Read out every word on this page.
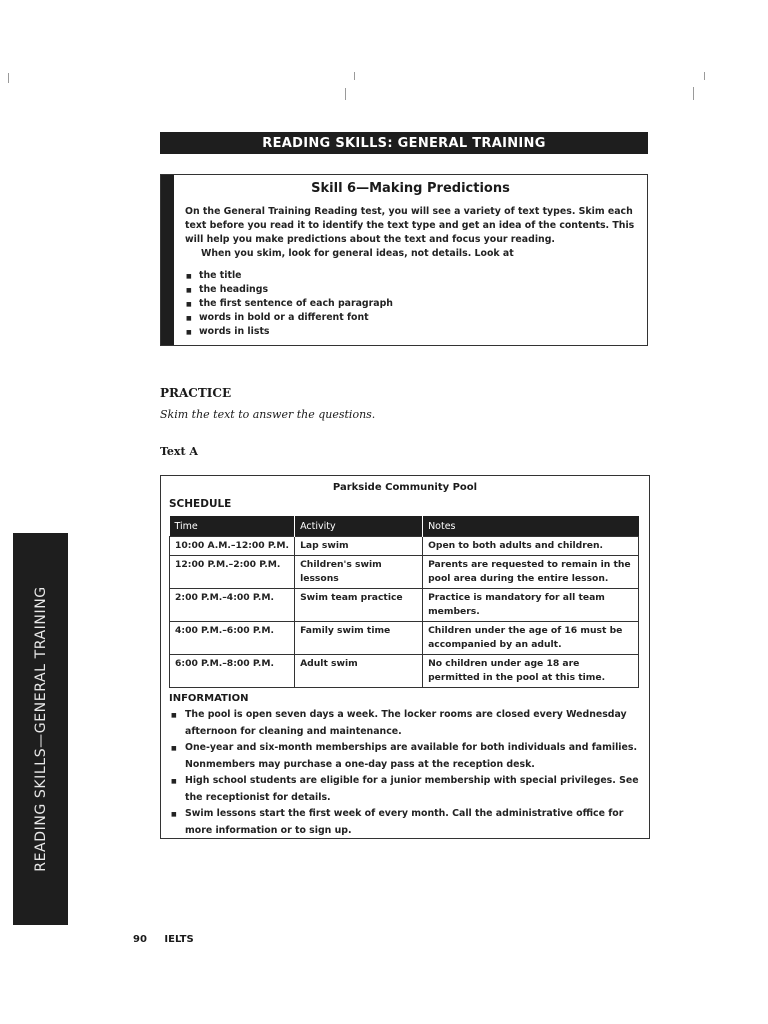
READING SKILLS: GENERAL TRAINING
Skill 6—Making Predictions
On the General Training Reading test, you will see a variety of text types. Skim each text before you read it to identify the text type and get an idea of the contents. This will help you make predictions about the text and focus your reading.
When you skim, look for general ideas, not details. Look at
■ the title
■ the headings
■ the first sentence of each paragraph
■ words in bold or a different font
■ words in lists
PRACTICE
Skim the text to answer the questions.
Text A
Parkside Community Pool
SCHEDULE
Time	Activity	Notes
10:00 A.M.–12:00 P.M.	Lap swim	Open to both adults and children.
12:00 P.M.–2:00 P.M.	Children's swim lessons	Parents are requested to remain in the pool area during the entire lesson.
2:00 P.M.–4:00 P.M.	Swim team practice	Practice is mandatory for all team members.
4:00 P.M.–6:00 P.M.	Family swim time	Children under the age of 16 must be accompanied by an adult.
6:00 P.M.–8:00 P.M.	Adult swim	No children under age 18 are permitted in the pool at this time.
INFORMATION
■ The pool is open seven days a week. The locker rooms are closed every Wednesday afternoon for cleaning and maintenance.
■ One-year and six-month memberships are available for both individuals and families. Nonmembers may purchase a one-day pass at the reception desk.
■ High school students are eligible for a junior membership with special privileges. See the receptionist for details.
■ Swim lessons start the first week of every month. Call the administrative office for more information or to sign up.
READING SKILLS—GENERAL TRAINING
90 IELTS
